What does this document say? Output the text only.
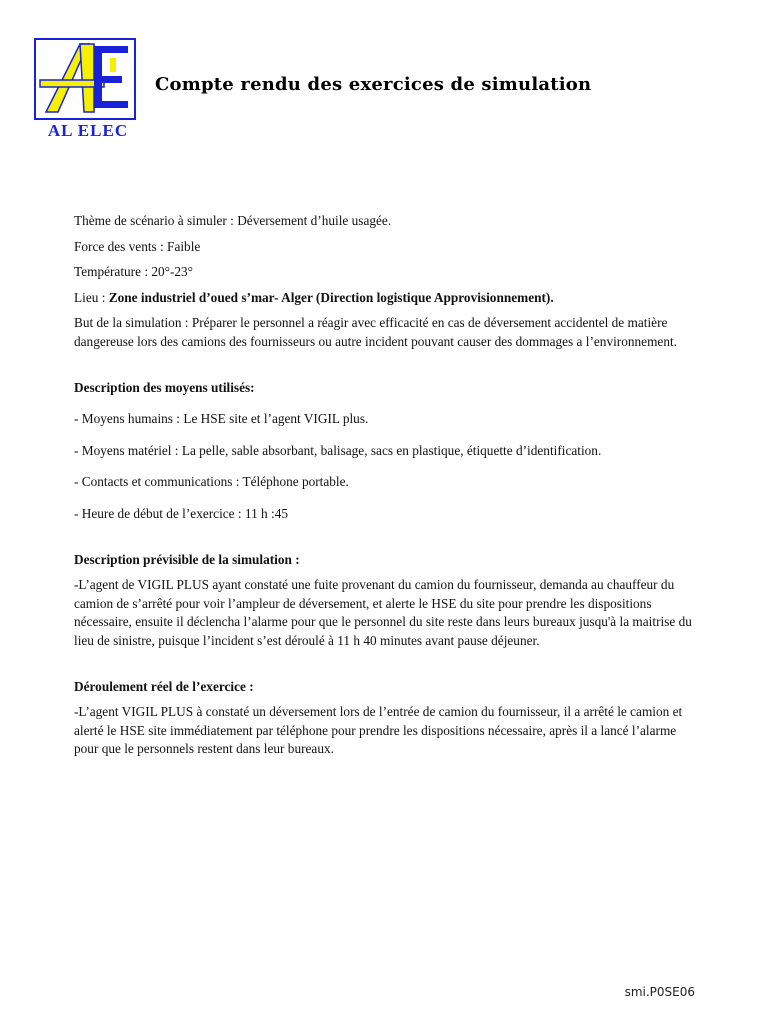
AL ELEC
Compte rendu des exercices de simulation

Thème de scénario à simuler : Déversement d’huile usagée.

Force des vents : Faible

Température : 20°-23°

Lieu : Zone industriel d’oued s’mar- Alger (Direction logistique Approvisionnement).

But de la simulation : Préparer le personnel a réagir avec efficacité en cas de déversement accidentel de matière dangereuse lors des camions des fournisseurs ou autre incident pouvant causer des dommages a l’environnement.

Description des moyens utilisés:

- Moyens humains : Le HSE site et l’agent VIGIL plus.

- Moyens matériel : La pelle, sable absorbant, balisage, sacs en plastique, étiquette d’identification.

- Contacts et communications : Téléphone portable.

- Heure de début de l’exercice : 11 h :45

Description prévisible de la simulation :

-L’agent de VIGIL PLUS ayant constaté une fuite provenant du camion du fournisseur, demanda au chauffeur du camion de s’arrêté pour voir l’ampleur de déversement, et alerte le HSE du site pour prendre les dispositions nécessaire, ensuite il déclencha l’alarme pour que le personnel du site reste dans leurs bureaux jusqu'à la maitrise du lieu de sinistre, puisque l’incident s’est déroulé à 11 h 40 minutes avant pause déjeuner.

Déroulement réel de l’exercice :

-L’agent VIGIL PLUS à constaté un déversement lors de l’entrée de camion du fournisseur, il a arrêté le camion et alerté le HSE site immédiatement par téléphone pour prendre les dispositions nécessaire, après il a lancé l’alarme pour que le personnels restent dans leur bureaux.

smi.P0SE06
